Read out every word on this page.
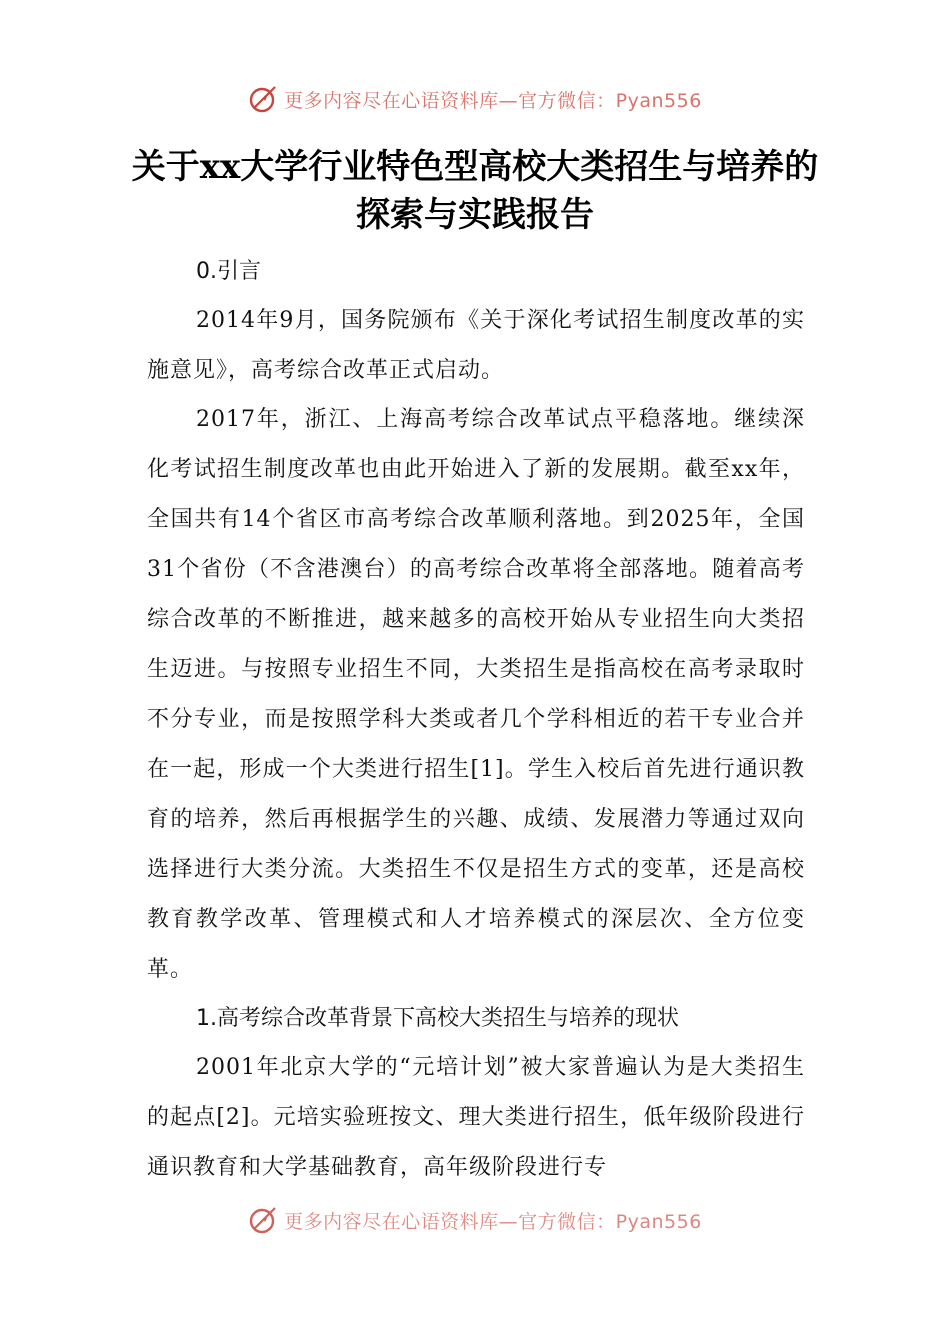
更多内容尽在心语资料库—官方微信：Pyan556
关于xx大学行业特色型高校大类招生与培养的探索与实践报告

0.引言

2014年9月，国务院颁布《关于深化考试招生制度改革的实施意见》，高考综合改革正式启动。

2017年，浙江、上海高考综合改革试点平稳落地。继续深化考试招生制度改革也由此开始进入了新的发展期。截至xx年，全国共有14个省区市高考综合改革顺利落地。到2025年，全国31个省份（不含港澳台）的高考综合改革将全部落地。随着高考综合改革的不断推进，越来越多的高校开始从专业招生向大类招生迈进。与按照专业招生不同，大类招生是指高校在高考录取时不分专业，而是按照学科大类或者几个学科相近的若干专业合并在一起，形成一个大类进行招生[1]。学生入校后首先进行通识教育的培养，然后再根据学生的兴趣、成绩、发展潜力等通过双向选择进行大类分流。大类招生不仅是招生方式的变革，还是高校教育教学改革、管理模式和人才培养模式的深层次、全方位变革。

1.高考综合改革背景下高校大类招生与培养的现状

2001年北京大学的“元培计划”被大家普遍认为是大类招生的起点[2]。元培实验班按文、理大类进行招生，低年级阶段进行通识教育和大学基础教育，高年级阶段进行专

更多内容尽在心语资料库—官方微信：Pyan556
